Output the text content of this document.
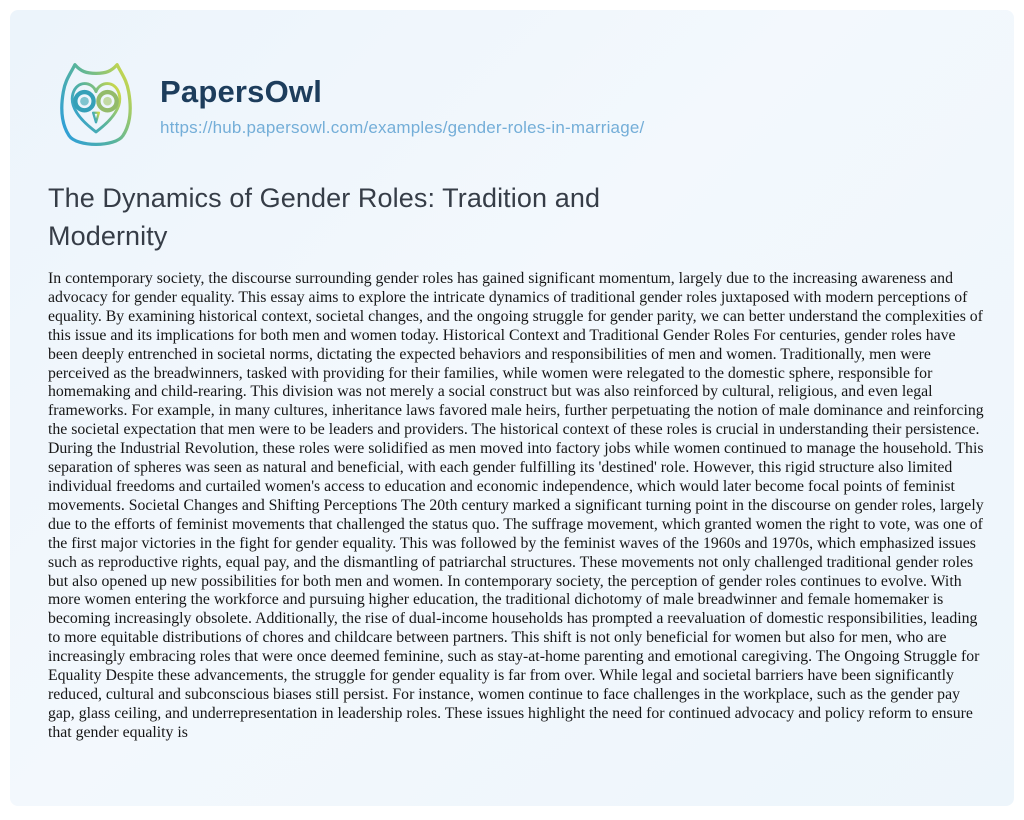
PapersOwl
https://hub.papersowl.com/examples/gender-roles-in-marriage/
The Dynamics of Gender Roles: Tradition and Modernity

In contemporary society, the discourse surrounding gender roles has gained significant momentum, largely due to the increasing awareness and advocacy for gender equality. This essay aims to explore the intricate dynamics of traditional gender roles juxtaposed with modern perceptions of equality. By examining historical context, societal changes, and the ongoing struggle for gender parity, we can better understand the complexities of this issue and its implications for both men and women today. Historical Context and Traditional Gender Roles For centuries, gender roles have been deeply entrenched in societal norms, dictating the expected behaviors and responsibilities of men and women. Traditionally, men were perceived as the breadwinners, tasked with providing for their families, while women were relegated to the domestic sphere, responsible for homemaking and child-rearing. This division was not merely a social construct but was also reinforced by cultural, religious, and even legal frameworks. For example, in many cultures, inheritance laws favored male heirs, further perpetuating the notion of male dominance and reinforcing the societal expectation that men were to be leaders and providers. The historical context of these roles is crucial in understanding their persistence. During the Industrial Revolution, these roles were solidified as men moved into factory jobs while women continued to manage the household. This separation of spheres was seen as natural and beneficial, with each gender fulfilling its 'destined' role. However, this rigid structure also limited individual freedoms and curtailed women's access to education and economic independence, which would later become focal points of feminist movements. Societal Changes and Shifting Perceptions The 20th century marked a significant turning point in the discourse on gender roles, largely due to the efforts of feminist movements that challenged the status quo. The suffrage movement, which granted women the right to vote, was one of the first major victories in the fight for gender equality. This was followed by the feminist waves of the 1960s and 1970s, which emphasized issues such as reproductive rights, equal pay, and the dismantling of patriarchal structures. These movements not only challenged traditional gender roles but also opened up new possibilities for both men and women. In contemporary society, the perception of gender roles continues to evolve. With more women entering the workforce and pursuing higher education, the traditional dichotomy of male breadwinner and female homemaker is becoming increasingly obsolete. Additionally, the rise of dual-income households has prompted a reevaluation of domestic responsibilities, leading to more equitable distributions of chores and childcare between partners. This shift is not only beneficial for women but also for men, who are increasingly embracing roles that were once deemed feminine, such as stay-at-home parenting and emotional caregiving. The Ongoing Struggle for Equality Despite these advancements, the struggle for gender equality is far from over. While legal and societal barriers have been significantly reduced, cultural and subconscious biases still persist. For instance, women continue to face challenges in the workplace, such as the gender pay gap, glass ceiling, and underrepresentation in leadership roles. These issues highlight the need for continued advocacy and policy reform to ensure that gender equality is
